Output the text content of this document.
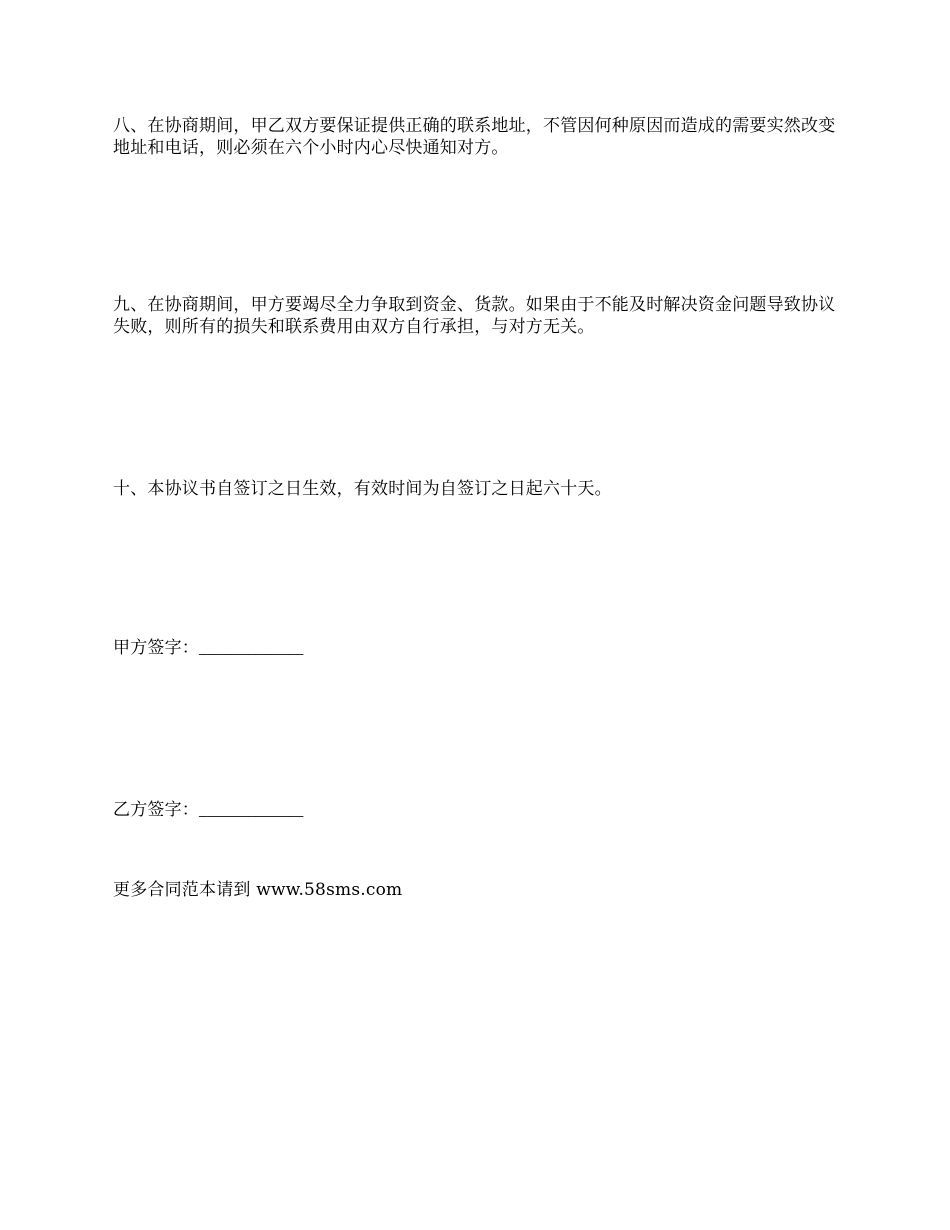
八、在协商期间，甲乙双方要保证提供正确的联系地址，不管因何种原因而造成的需要实然改变地址和电话，则必须在六个小时内心尽快通知对方。

九、在协商期间，甲方要竭尽全力争取到资金、货款。如果由于不能及时解决资金问题导致协议失败，则所有的损失和联系费用由双方自行承担，与对方无关。

十、本协议书自签订之日生效，有效时间为自签订之日起六十天。

甲方签字：____________

乙方签字：____________

更多合同范本请到 www.58sms.com
